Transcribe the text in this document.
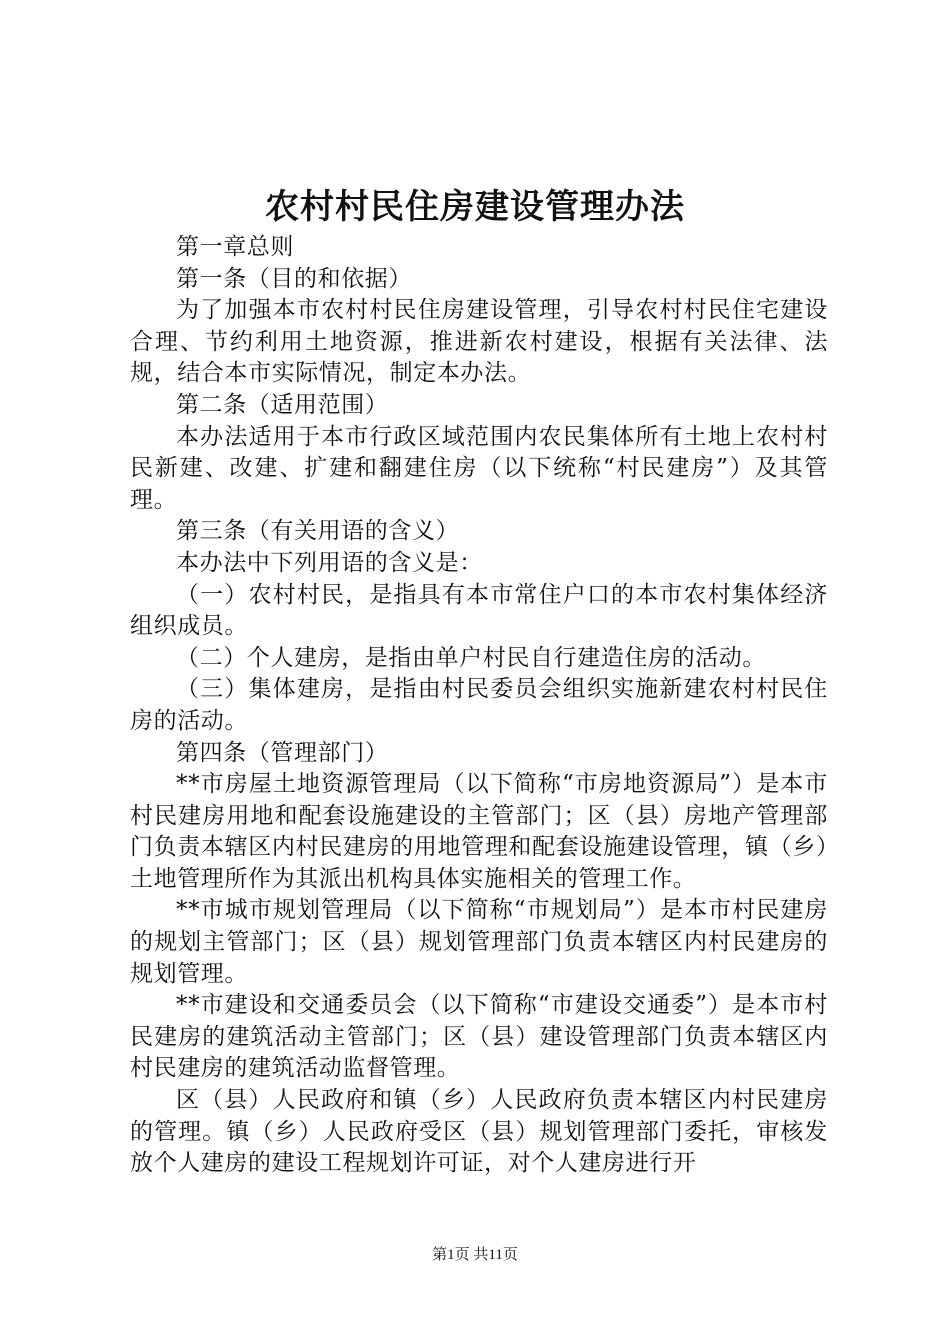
农村村民住房建设管理办法

第一章总则

第一条（目的和依据）

为了加强本市农村村民住房建设管理，引导农村村民住宅建设合理、节约利用土地资源，推进新农村建设，根据有关法律、法规，结合本市实际情况，制定本办法。

第二条（适用范围）

本办法适用于本市行政区域范围内农民集体所有土地上农村村民新建、改建、扩建和翻建住房（以下统称“村民建房”）及其管理。

第三条（有关用语的含义）

本办法中下列用语的含义是：

（一）农村村民，是指具有本市常住户口的本市农村集体经济组织成员。

（二）个人建房，是指由单户村民自行建造住房的活动。

（三）集体建房，是指由村民委员会组织实施新建农村村民住房的活动。

第四条（管理部门）

**市房屋土地资源管理局（以下简称“市房地资源局”）是本市村民建房用地和配套设施建设的主管部门；区（县）房地产管理部门负责本辖区内村民建房的用地管理和配套设施建设管理，镇（乡）土地管理所作为其派出机构具体实施相关的管理工作。

**市城市规划管理局（以下简称“市规划局”）是本市村民建房的规划主管部门；区（县）规划管理部门负责本辖区内村民建房的规划管理。

**市建设和交通委员会（以下简称“市建设交通委”）是本市村民建房的建筑活动主管部门；区（县）建设管理部门负责本辖区内村民建房的建筑活动监督管理。

区（县）人民政府和镇（乡）人民政府负责本辖区内村民建房的管理。镇（乡）人民政府受区（县）规划管理部门委托，审核发放个人建房的建设工程规划许可证，对个人建房进行开

第1页 共11页
